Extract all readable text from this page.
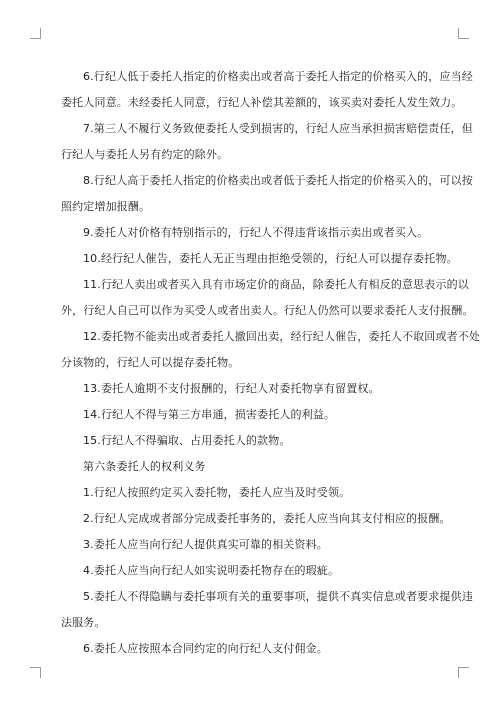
6.行纪人低于委托人指定的价格卖出或者高于委托人指定的价格买入的，应当经委托人同意。未经委托人同意，行纪人补偿其差额的，该买卖对委托人发生效力。

7.第三人不履行义务致使委托人受到损害的，行纪人应当承担损害赔偿责任，但行纪人与委托人另有约定的除外。

8.行纪人高于委托人指定的价格卖出或者低于委托人指定的价格买入的，可以按照约定增加报酬。

9.委托人对价格有特别指示的，行纪人不得违背该指示卖出或者买入。

10.经行纪人催告，委托人无正当理由拒绝受领的，行纪人可以提存委托物。

11.行纪人卖出或者买入具有市场定价的商品，除委托人有相反的意思表示的以外，行纪人自己可以作为买受人或者出卖人。行纪人仍然可以要求委托人支付报酬。

12.委托物不能卖出或者委托人撤回出卖，经行纪人催告，委托人不取回或者不处分该物的，行纪人可以提存委托物。

13.委托人逾期不支付报酬的，行纪人对委托物享有留置权。

14.行纪人不得与第三方串通，损害委托人的利益。

15.行纪人不得骗取、占用委托人的款物。

第六条委托人的权利义务

1.行纪人按照约定买入委托物，委托人应当及时受领。

2.行纪人完成或者部分完成委托事务的，委托人应当向其支付相应的报酬。

3.委托人应当向行纪人提供真实可靠的相关资料。

4.委托人应当向行纪人如实说明委托物存在的瑕疵。

5.委托人不得隐瞒与委托事项有关的重要事项，提供不真实信息或者要求提供违法服务。

6.委托人应按照本合同约定的向行纪人支付佣金。
